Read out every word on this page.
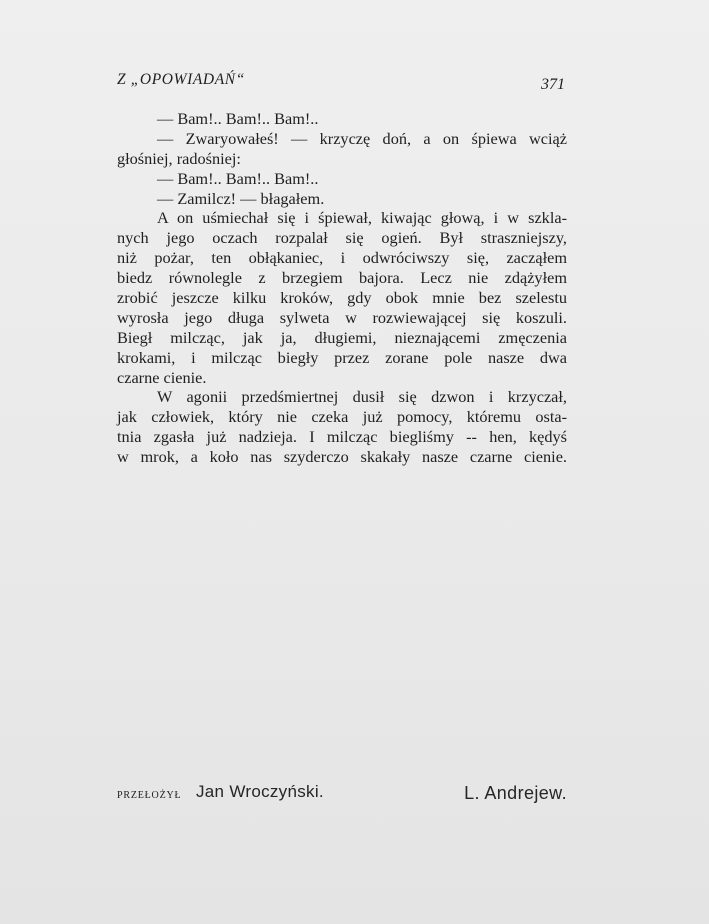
Z „OPOWIADAŃ“	371
— Bam!.. Bam!.. Bam!..
— Zwaryowałeś! — krzyczę doń, a on śpiewa wciąż
głośniej, radośniej:
— Bam!.. Bam!.. Bam!..
— Zamilcz! — błagałem.
A on uśmiechał się i śpiewał, kiwając głową, i w szkla-
nych jego oczach rozpalał się ogień. Był straszniejszy,
niż pożar, ten obłąkaniec, i odwróciwszy się, zacząłem
biedz równolegle z brzegiem bajora. Lecz nie zdążyłem
zrobić jeszcze kilku kroków, gdy obok mnie bez szelestu
wyrosła jego długa sylweta w rozwiewającej się koszuli.
Biegł milcząc, jak ja, długiemi, nieznającemi zmęczenia
krokami, i milcząc biegły przez zorane pole nasze dwa
czarne cienie.
W agonii przedśmiertnej dusił się dzwon i krzyczał,
jak człowiek, który nie czeka już pomocy, któremu osta-
tnia zgasła już nadzieja. I milcząc biegliśmy -- hen, kędyś
w mrok, a koło nas szyderczo skakały nasze czarne cienie.
PRZEŁOŻYŁ Jan Wroczyński.	L. Andrejew.
